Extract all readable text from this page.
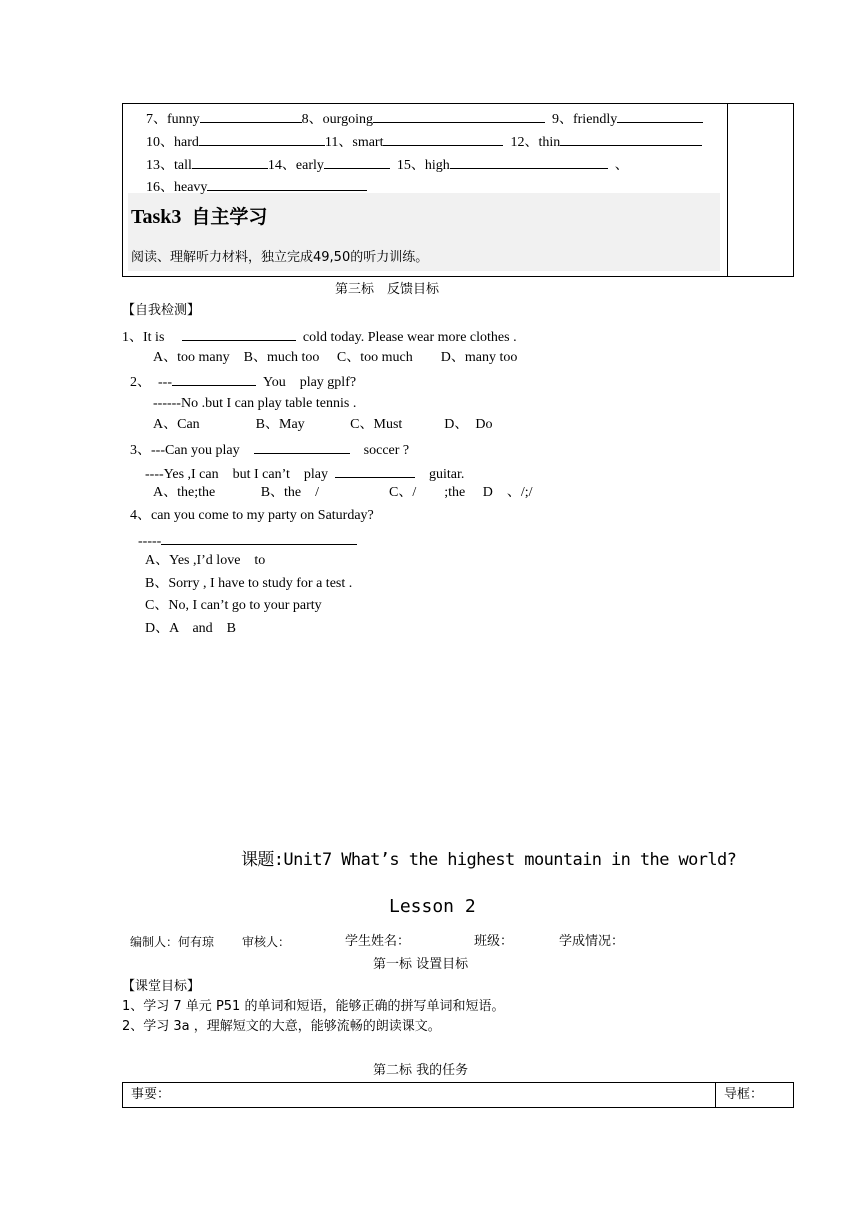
7、funny	8、ourgoing	9、friendly
10、hard	11、smart	12、thin
13、tall	14、early	15、high	、
16、heavy
Task3 自主学习
阅读、理解听力材料，独立完成49,50的听力训练。
第三标　反馈目标
【自我检测】
1、It is	cold today. Please wear more clothes .
A、too many　B、much too　 C、too much　　D、many too
2、  ---	You　play gplf?
------No .but I can play table tennis .
A、Can　　　　B、May　　　 C、Must　　　D、　Do
3、---Can you play	soccer ?
----Yes ,I can　but I can’t　play	guitar.
A、the;the　　　 B、the　/　　　　　C、/　　;the　 D　、/;/
4、can you come to my party on Saturday?
-----
A、Yes ,I’d love　to
B、Sorry , I have to study for a test .
C、No, I can’t go to your party
D、A　and　B
课题:Unit7 What’s the highest mountain in the world?
Lesson 2
编制人：何有琼 审核人：	学生姓名：	班级：	学成情况：
第一标 设置目标
【课堂目标】
1、学习 7 单元 P51 的单词和短语，能够正确的拼写单词和短语。
2、学习 3a ，理解短文的大意，能够流畅的朗读课文。
第二标 我的任务
事要：	导框：
